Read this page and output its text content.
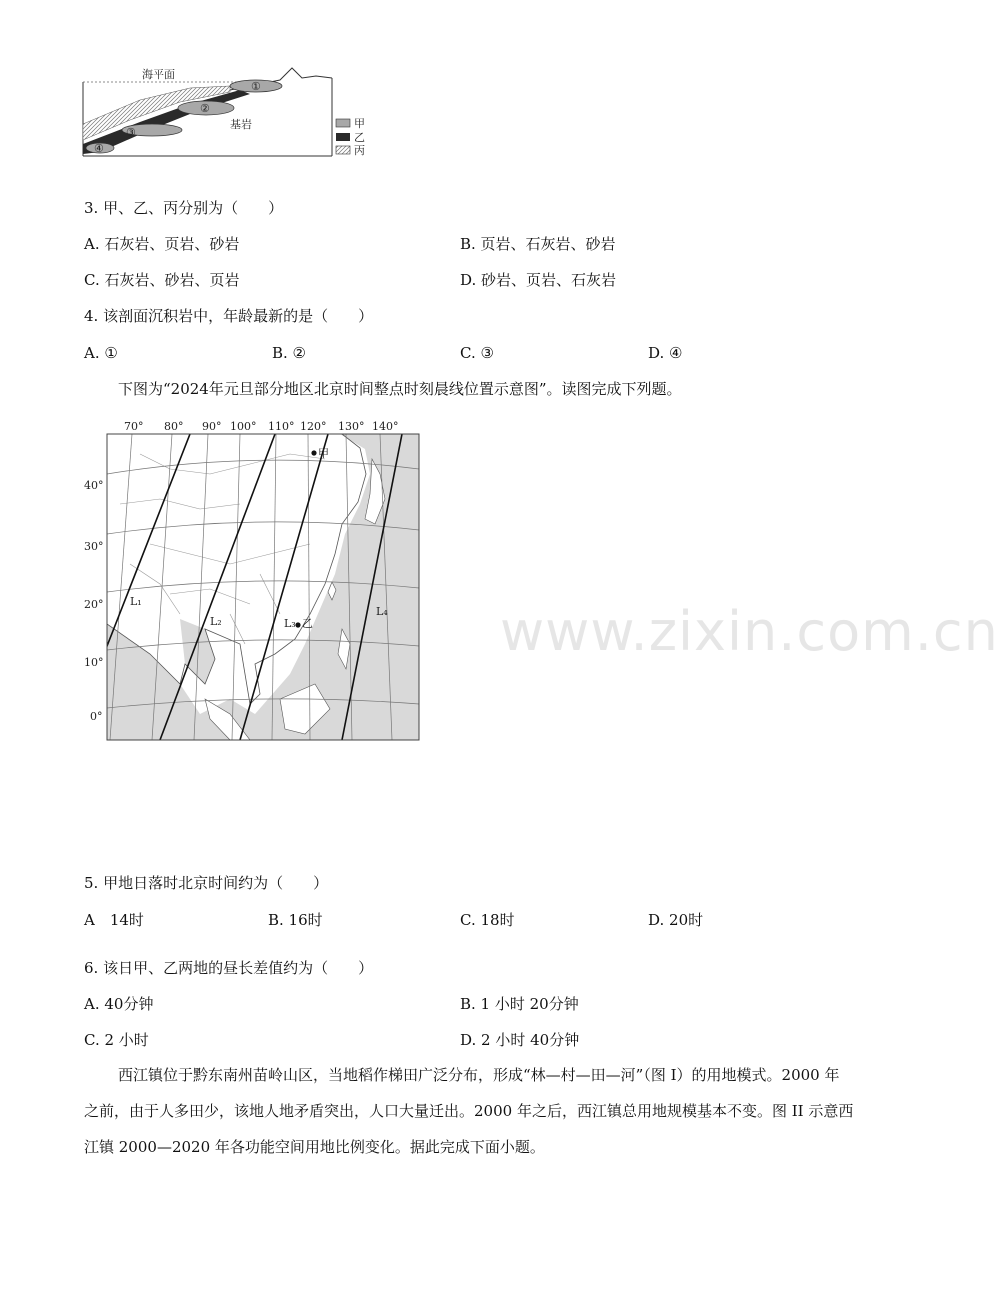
海平面
①
②
③
④
基岩	甲
乙
丙
3. 甲、乙、丙分别为（　　）
A. 石灰岩、页岩、砂岩	B. 页岩、石灰岩、砂岩
C. 石灰岩、砂岩、页岩	D. 砂岩、页岩、石灰岩
4. 该剖面沉积岩中，年龄最新的是（　　）
A. ①	B. ②	C. ③	D. ④
下图为“2024年元旦部分地区北京时间整点时刻晨线位置示意图”。读图完成下列题。
70° 80° 90° 100° 110° 120° 130° 140°
40°
30°
20°
10°
0°
甲
乙
L₁
L₂	L₃
L₄ www.zixin.com.cn
5. 甲地日落时北京时间约为（　　）
A　14时	B. 16时	C. 18时	D. 20时
6. 该日甲、乙两地的昼长差值约为（　　）
A. 40分钟	B. 1 小时 20分钟
C. 2 小时	D. 2 小时 40分钟
西江镇位于黔东南州苗岭山区，当地稻作梯田广泛分布，形成“林—村—田—河”（图 I）的用地模式。2000 年之前，由于人多田少，该地人地矛盾突出，人口大量迁出。2000 年之后，西江镇总用地规模基本不变。图 II 示意西江镇 2000—2020 年各功能空间用地比例变化。据此完成下面小题。
